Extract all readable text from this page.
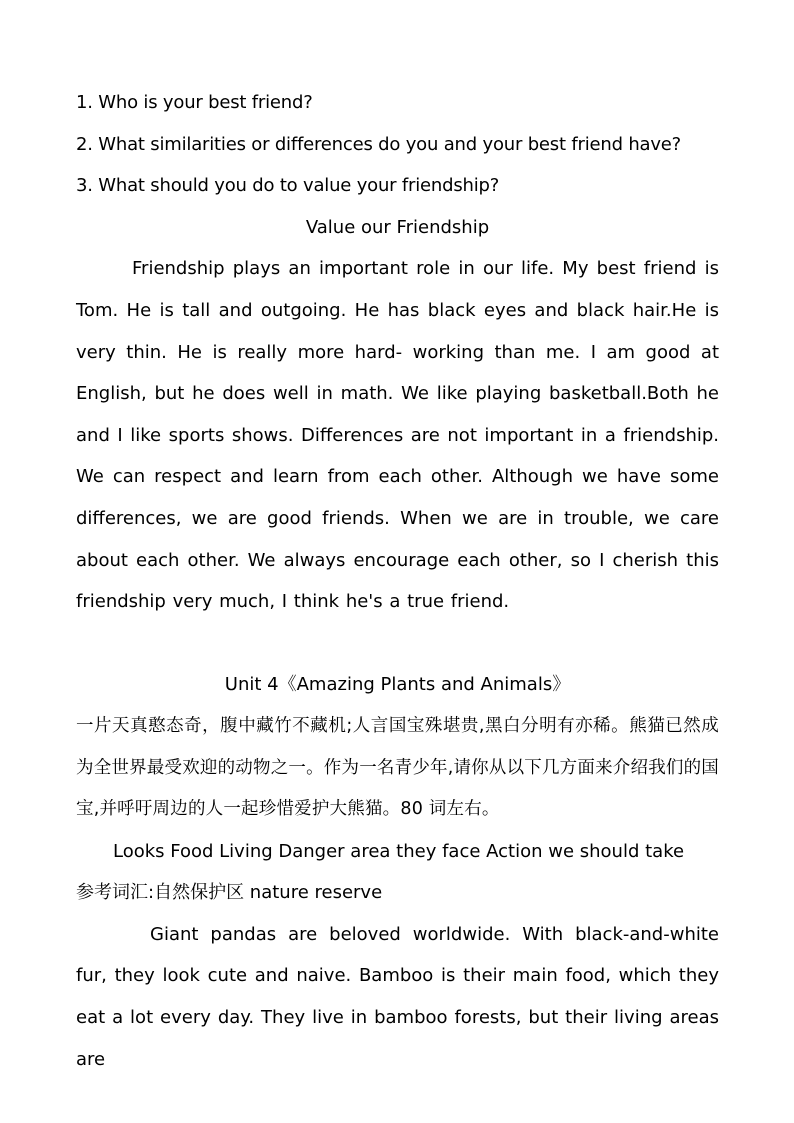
1. Who is your best friend?
2. What similarities or differences do you and your best friend have?
3. What should you do to value your friendship?
Value our Friendship
Friendship plays an important role in our life. My best friend is Tom. He is tall and outgoing. He has black eyes and black hair.He is very thin. He is really more hard- working than me. I am good at English, but he does well in math. We like playing basketball.Both he and I like sports shows. Differences are not important in a friendship. We can respect and learn from each other. Although we have some differences, we are good friends. When we are in trouble, we care about each other. We always encourage each other, so I cherish this friendship very much, I think he's a true friend.
Unit 4《Amazing Plants and Animals》
一片天真憨态奇，腹中藏竹不藏机;人言国宝殊堪贵,黑白分明有亦稀。熊猫已然成为全世界最受欢迎的动物之一。作为一名青少年,请你从以下几方面来介绍我们的国宝,并呼吁周边的人一起珍惜爱护大熊猫。80 词左右。
Looks Food Living Danger area they face Action we should take
参考词汇:自然保护区 nature reserve
Giant pandas are beloved worldwide. With black-and-white fur, they look cute and naive. Bamboo is their main food, which they eat a lot every day. They live in bamboo forests, but their living areas are
